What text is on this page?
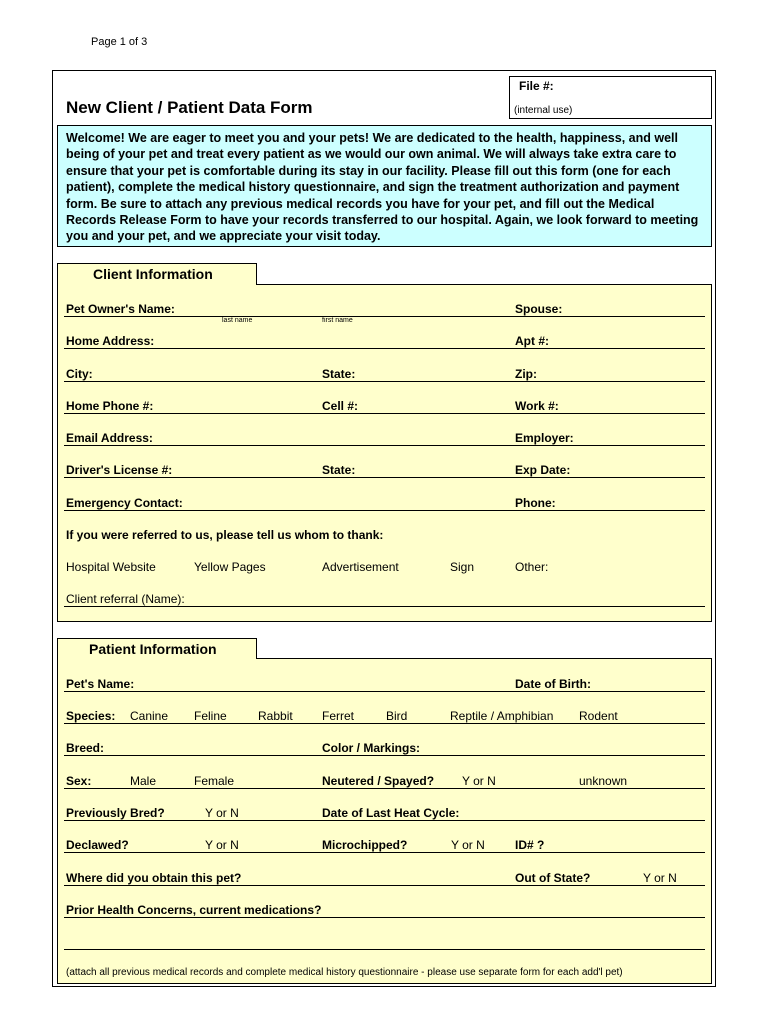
Page 1 of 3
New Client / Patient Data Form
File #:
(internal use)
Welcome! We are eager to meet you and your pets! We are dedicated to the health, happiness, and well being of your pet and treat every patient as we would our own animal. We will always take extra care to ensure that your pet is comfortable during its stay in our facility. Please fill out this form (one for each patient), complete the medical history questionnaire, and sign the treatment authorization and payment form. Be sure to attach any previous medical records you have for your pet, and fill out the Medical Records Release Form to have your records transferred to our hospital. Again, we look forward to meeting you and your pet, and we appreciate your visit today.
Client Information
Pet Owner's Name:	Spouse:
last name	first name
Home Address:	Apt #:
City:	State:	Zip:
Home Phone #:	Cell #:	Work #:
Email Address:	Employer:
Driver's License #:	State:	Exp Date:
Emergency Contact:	Phone:
If you were referred to us, please tell us whom to thank:
Hospital Website	Yellow Pages	Advertisement	Sign	Other:
Client referral (Name):
Patient Information
Pet's Name:	Date of Birth:
Species: Canine Feline	Rabbit Ferret	Bird	Reptile / Amphibian Rodent
Breed:	Color / Markings:
Sex:	Male	Female	Neutered / Spayed? Y or N	unknown
Previously Bred?	Y or N	Date of Last Heat Cycle:
Declawed?	Y or N	Microchipped?	Y or N	ID# ?
Where did you obtain this pet?	Out of State?	Y or N
Prior Health Concerns, current medications?
(attach all previous medical records and complete medical history questionnaire - please use separate form for each add'l pet)
